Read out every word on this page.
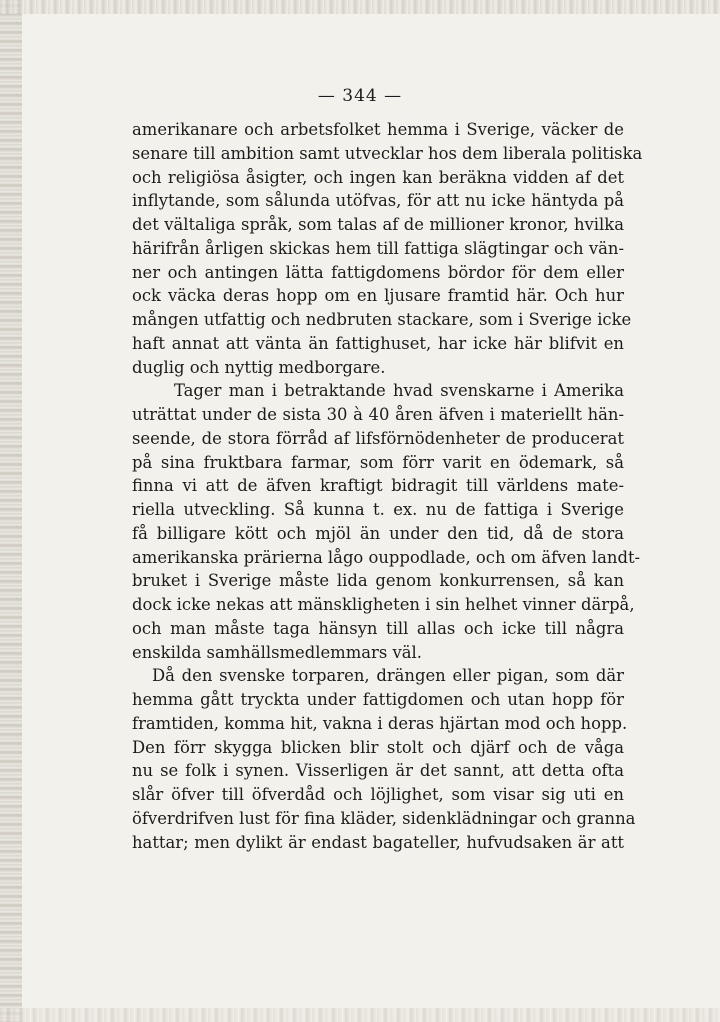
— 344 —
amerikanare och arbetsfolket hemma i Sverige, väcker de
senare till ambition samt utvecklar hos dem liberala politiska
och religiösa åsigter, och ingen kan beräkna vidden af det
inflytande, som sålunda utöfvas, för att nu icke häntyda på
det vältaliga språk, som talas af de millioner kronor, hvilka
härifrån årligen skickas hem till fattiga slägtingar och vän-
ner och antingen lätta fattigdomens bördor för dem eller
ock väcka deras hopp om en ljusare framtid här. Och hur
mången utfattig och nedbruten stackare, som i Sverige icke
haft annat att vänta än fattighuset, har icke här blifvit en
duglig och nyttig medborgare.
Tager man i betraktande hvad svenskarne i Amerika
uträttat under de sista 30 à 40 åren äfven i materiellt hän-
seende, de stora förråd af lifsförnödenheter de producerat
på sina fruktbara farmar, som förr varit en ödemark, så
finna vi att de äfven kraftigt bidragit till världens mate-
riella utveckling. Så kunna t. ex. nu de fattiga i Sverige
få billigare kött och mjöl än under den tid, då de stora
amerikanska prärierna lågo ouppodlade, och om äfven landt-
bruket i Sverige måste lida genom konkurrensen, så kan
dock icke nekas att mänskligheten i sin helhet vinner därpå,
och man måste taga hänsyn till allas och icke till några
enskilda samhällsmedlemmars väl.
Då den svenske torparen, drängen eller pigan, som där
hemma gått tryckta under fattigdomen och utan hopp för
framtiden, komma hit, vakna i deras hjärtan mod och hopp.
Den förr skygga blicken blir stolt och djärf och de våga
nu se folk i synen. Visserligen är det sannt, att detta ofta
slår öfver till öfverdåd och löjlighet, som visar sig uti en
öfverdrifven lust för fina kläder, sidenklädningar och granna
hattar; men dylikt är endast bagateller, hufvudsaken är att
